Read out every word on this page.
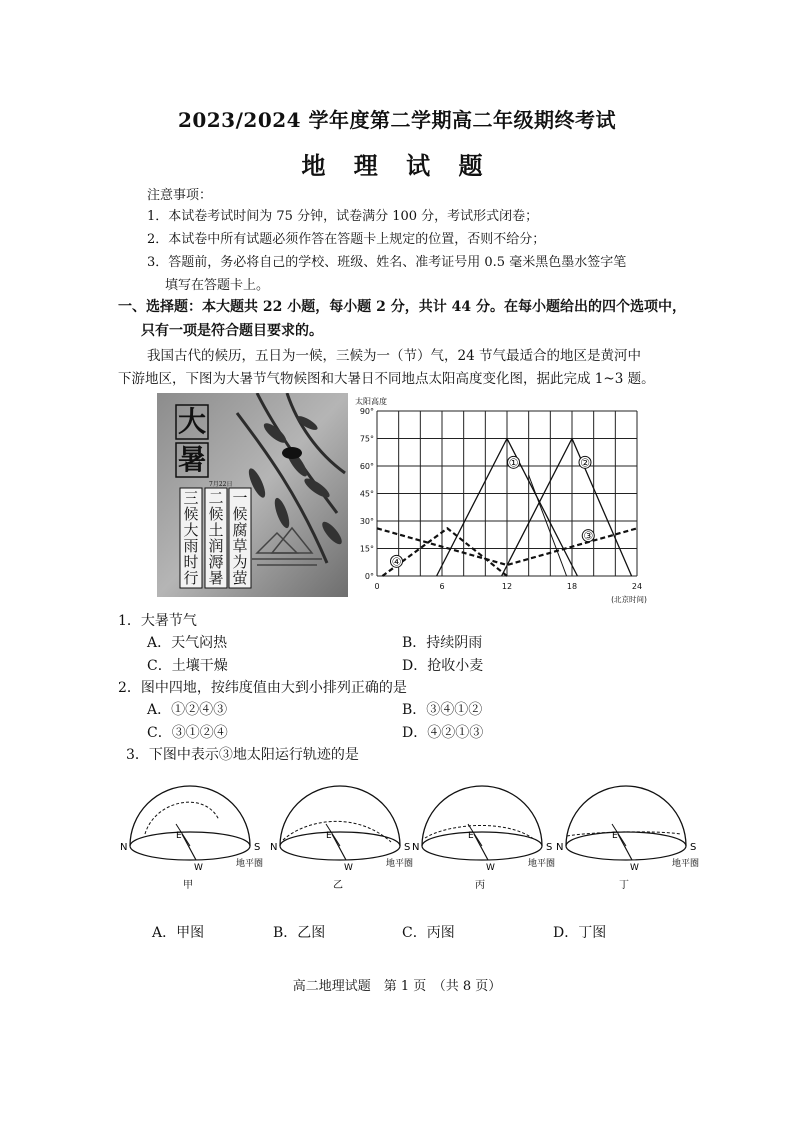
2023/2024 学年度第二学期高二年级期终考试
地 理 试 题
注意事项：
1．本试卷考试时间为 75 分钟，试卷满分 100 分，考试形式闭卷；
2．本试卷中所有试题必须作答在答题卡上规定的位置，否则不给分；
3．答题前，务必将自己的学校、班级、姓名、准考证号用 0.5 毫米黑色墨水签字笔
填写在答题卡上。
一、选择题：本大题共 22 小题，每小题 2 分，共计 44 分。在每小题给出的四个选项中，
只有一项是符合题目要求的。
我国古代的候历，五日为一候，三候为一（节）气，24 节气最适合的地区是黄河中
下游地区，下图为大暑节气物候图和大暑日不同地点太阳高度变化图，据此完成 1~3 题。
大
暑
7月22日
三候大雨时行
二候土润溽暑
一候腐草为萤	0°
15°
30°
45°
60°
75°
90°
0	6	12	18	24
太阳高度
(北京时间)
①	②
③
④
1．大暑节气
A．天气闷热	B．持续阴雨
C．土壤干燥	D．抢收小麦
2．图中四地，按纬度值由大到小排列正确的是
A．①②④③	B．③④①②
C．③①②④	D．④②①③
3．下图中表示③地太阳运行轨迹的是
N	S
E
W	地平圈
甲
N	S
E
W	地平圈
乙
N	S
E
W	地平圈
丙
N	S
E
W	地平圈
丁
A．甲图	B．乙图	C．丙图	D．丁图
高二地理试题　第 1 页　（共 8 页）
